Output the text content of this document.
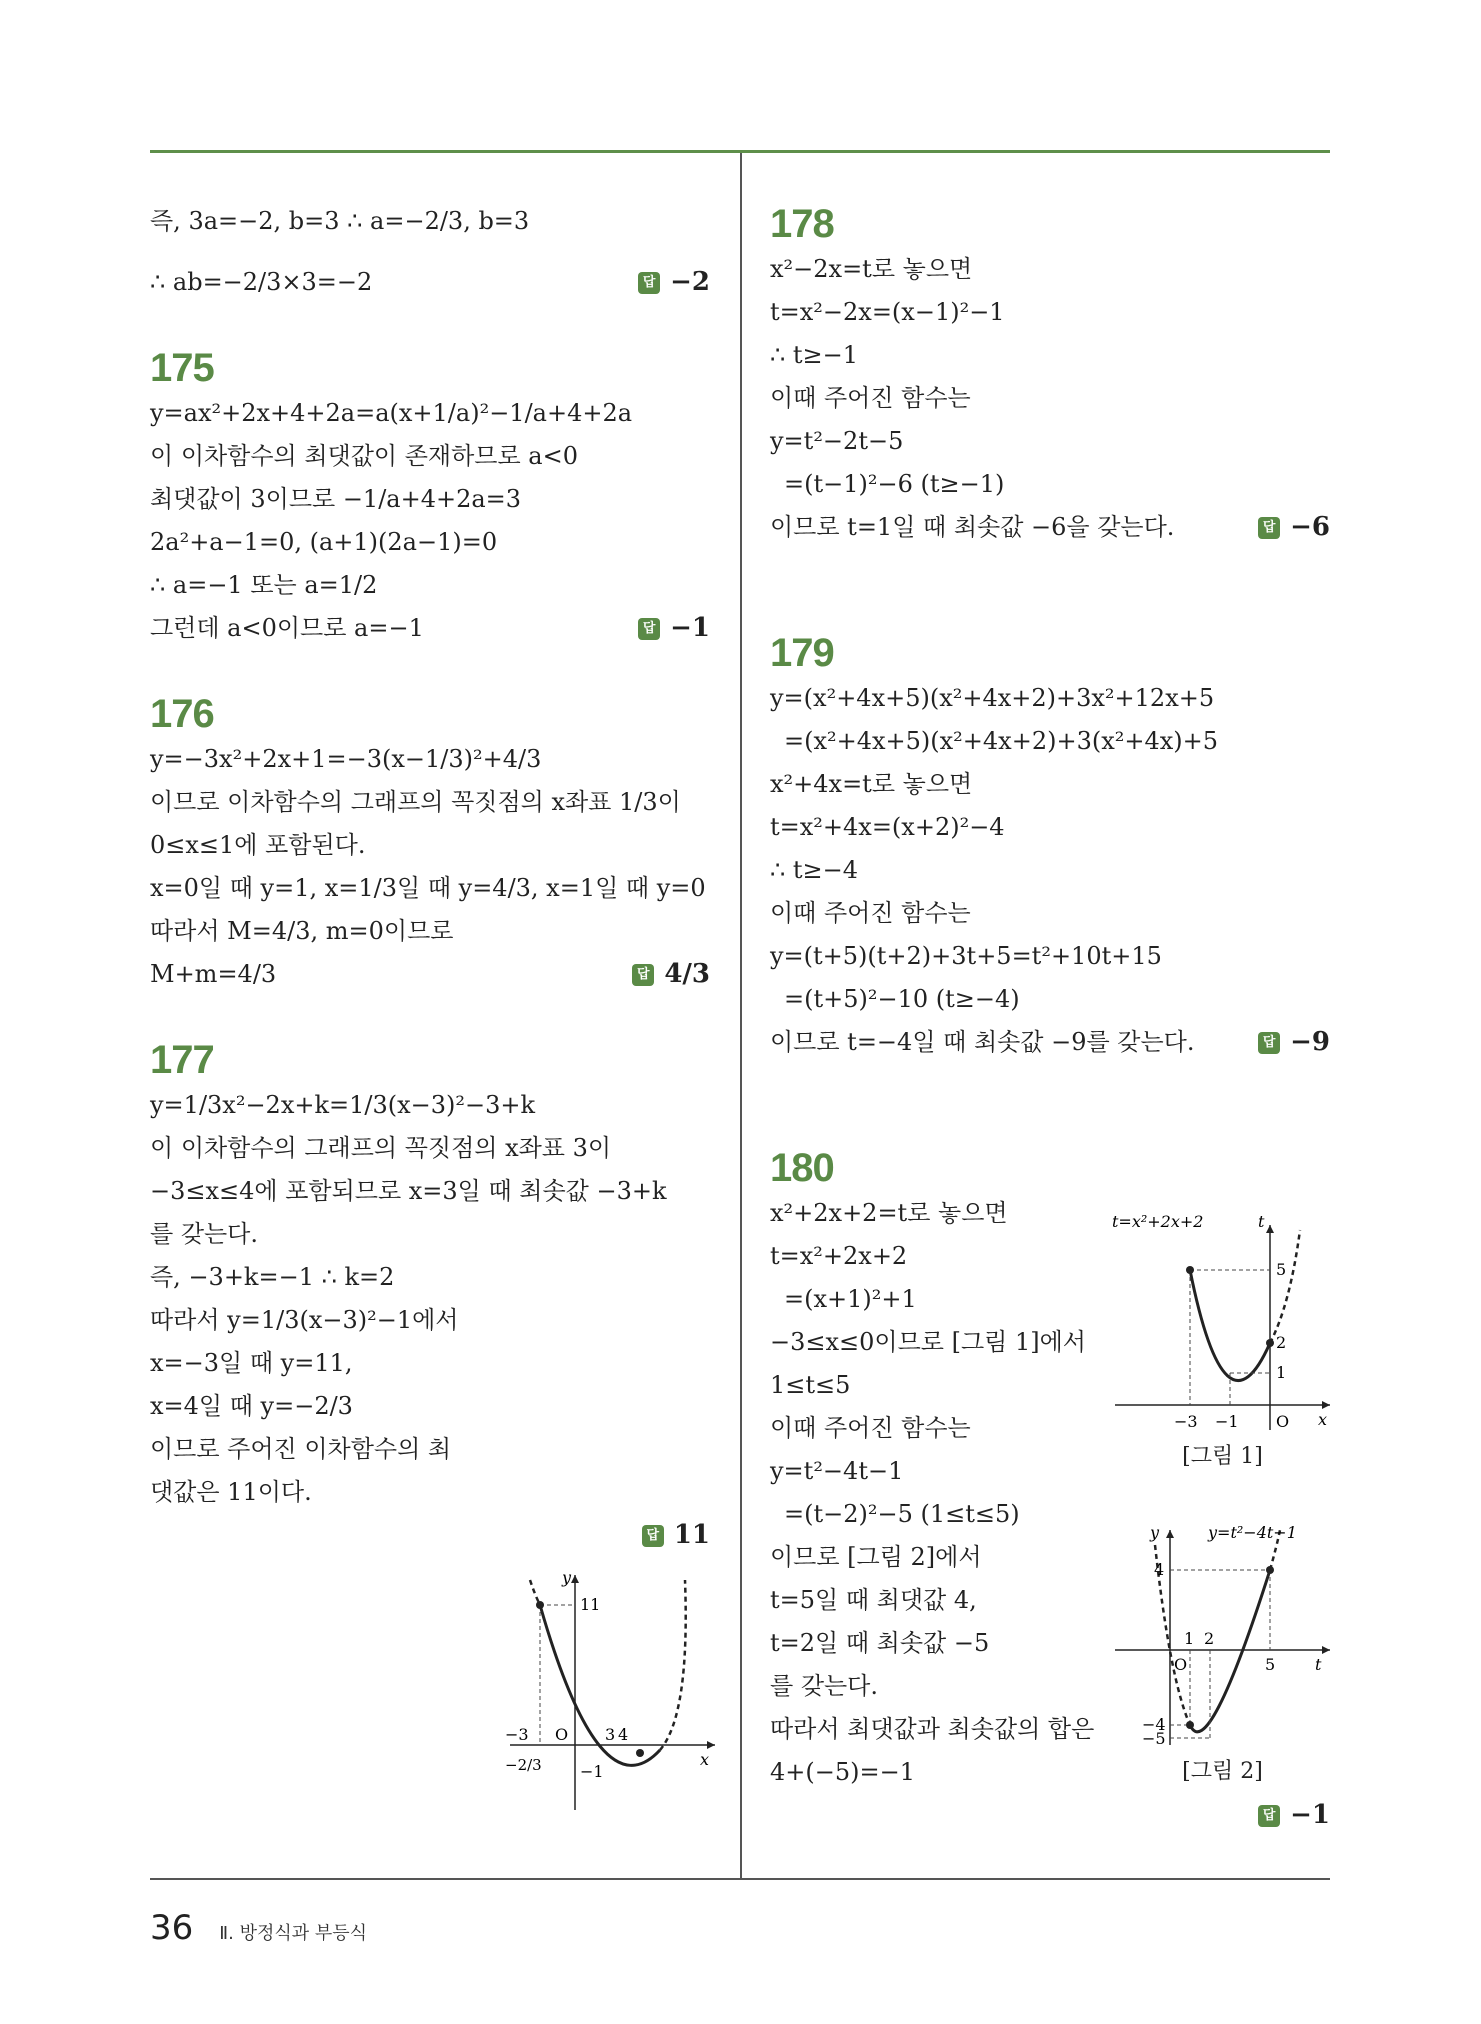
즉, 3a=−2, b=3 ∴ a=−2/3, b=3
∴ ab=−2/3×3=−2	답 −2
175
y=ax²+2x+4+2a=a(x+1/a)²−1/a+4+2a
이 이차함수의 최댓값이 존재하므로 a<0
최댓값이 3이므로 −1/a+4+2a=3
2a²+a−1=0, (a+1)(2a−1)=0
∴ a=−1 또는 a=1/2
그런데 a<0이므로 a=−1	답 −1
176
y=−3x²+2x+1=−3(x−1/3)²+4/3
이므로 이차함수의 그래프의 꼭짓점의 x좌표 1/3이
0≤x≤1에 포함된다.
x=0일 때 y=1, x=1/3일 때 y=4/3, x=1일 때 y=0
따라서 M=4/3, m=0이므로
M+m=4/3	답 4/3
177
y=1/3x²−2x+k=1/3(x−3)²−3+k
이 이차함수의 그래프의 꼭짓점의 x좌표 3이
−3≤x≤4에 포함되므로 x=3일 때 최솟값 −3+k
를 갖는다.
즉, −3+k=−1 ∴ k=2
따라서 y=1/3(x−3)²−1에서
x=−3일 때 y=11,
x=4일 때 y=−2/3
이므로 주어진 이차함수의 최
댓값은 11이다.
답 11
y
x
11
−3 O 3 4
−1
−2/3
178
x²−2x=t로 놓으면
t=x²−2x=(x−1)²−1
∴ t≥−1
이때 주어진 함수는
y=t²−2t−5
=(t−1)²−6 (t≥−1)
이므로 t=1일 때 최솟값 −6을 갖는다.	답 −6
179
y=(x²+4x+5)(x²+4x+2)+3x²+12x+5
=(x²+4x+5)(x²+4x+2)+3(x²+4x)+5
x²+4x=t로 놓으면
t=x²+4x=(x+2)²−4
∴ t≥−4
이때 주어진 함수는
y=(t+5)(t+2)+3t+5=t²+10t+15
=(t+5)²−10 (t≥−4)
이므로 t=−4일 때 최솟값 −9를 갖는다.	답 −9
180
x²+2x+2=t로 놓으면
t=x²+2x+2
=(x+1)²+1
−3≤x≤0이므로 [그림 1]에서
1≤t≤5
이때 주어진 함수는
y=t²−4t−1
=(t−2)²−5 (1≤t≤5)
이므로 [그림 2]에서
t=5일 때 최댓값 4,
t=2일 때 최솟값 −5
를 갖는다.
따라서 최댓값과 최솟값의 합은
4+(−5)=−1
답 −1
t=x²+2x+2	t
x
O
5
2
1
−3 −1
[그림 1]
y	y=t²−4t−1
t
O
4
1 2
5
−4
−5
[그림 2]
36 Ⅱ. 방정식과 부등식
